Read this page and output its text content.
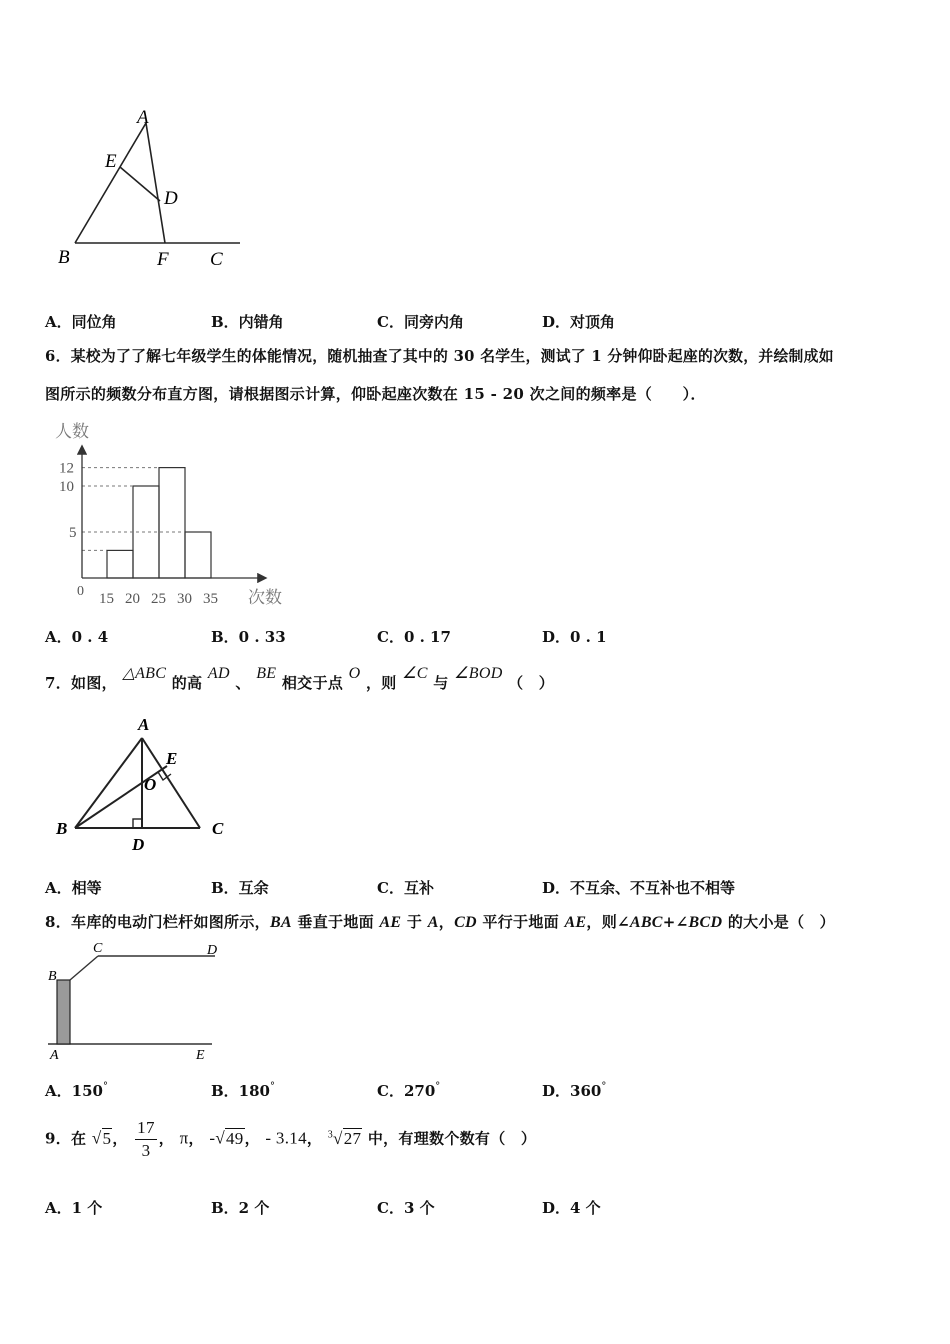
A
E
D
B	F C
A．同位角	B．内错角	C．同旁内角	D．对顶角
6．某校为了了解七年级学生的体能情况，随机抽查了其中的 30 名学生，测试了 1 分钟仰卧起座的次数，并绘制成如
图所示的频数分布直方图，请根据图示计算，仰卧起座次数在 15 - 20 次之间的频率是（　　）．
5
10
12
15 20 25 30 35
人数
次数
0
A．0 . 4	B．0 . 33	C．0 . 17	D．0 . 1
7．如图， △ABC 的高 AD 、 BE 相交于点 O ，则 ∠C 与 ∠BOD （　）
A
E
O
B
D
C
A．相等	B．互余	C．互补	D．不互余、不互补也不相等
8．车库的电动门栏杆如图所示，BA 垂直于地面 AE 于 A，CD 平行于地面 AE，则∠ABC+∠BCD 的大小是（　）
B
C	D
A	E
A．150°	B．180°	C．270°	D．360°
9．在 √5， $\frac{17}{3}$ ， π， -√49， - 3.14， $^3$√27 中，有理数个数有（　）
A．1 个	B．2 个	C．3 个	D．4 个
